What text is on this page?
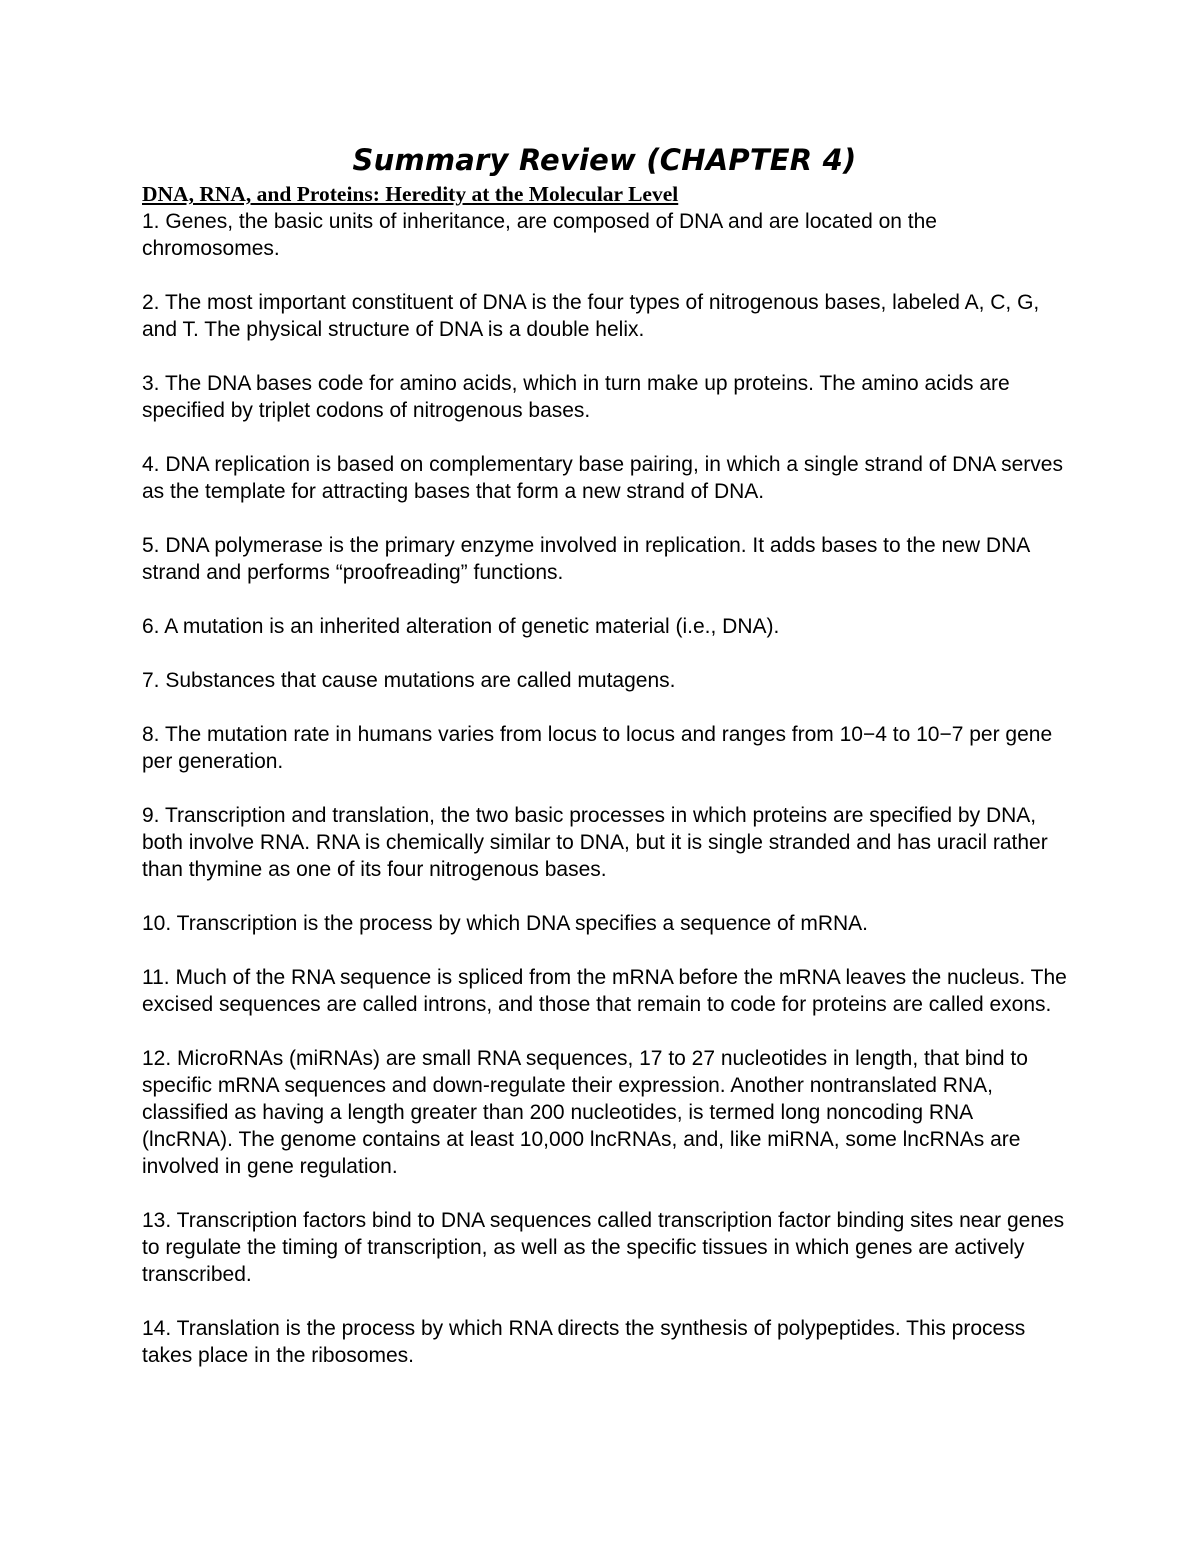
Summary Review (CHAPTER 4)
DNA, RNA, and Proteins: Heredity at the Molecular Level
1. Genes, the basic units of inheritance, are composed of DNA and are located on the chromosomes.
2. The most important constituent of DNA is the four types of nitrogenous bases, labeled A, C, G, and T. The physical structure of DNA is a double helix.
3. The DNA bases code for amino acids, which in turn make up proteins. The amino acids are specified by triplet codons of nitrogenous bases.
4. DNA replication is based on complementary base pairing, in which a single strand of DNA serves as the template for attracting bases that form a new strand of DNA.
5. DNA polymerase is the primary enzyme involved in replication. It adds bases to the new DNA strand and performs “proofreading” functions.
6. A mutation is an inherited alteration of genetic material (i.e., DNA).
7. Substances that cause mutations are called mutagens.
8. The mutation rate in humans varies from locus to locus and ranges from 10−4 to 10−7 per gene per generation.
9. Transcription and translation, the two basic processes in which proteins are specified by DNA, both involve RNA. RNA is chemically similar to DNA, but it is single stranded and has uracil rather than thymine as one of its four nitrogenous bases.
10. Transcription is the process by which DNA specifies a sequence of mRNA.
11. Much of the RNA sequence is spliced from the mRNA before the mRNA leaves the nucleus. The excised sequences are called introns, and those that remain to code for proteins are called exons.
12. MicroRNAs (miRNAs) are small RNA sequences, 17 to 27 nucleotides in length, that bind to specific mRNA sequences and down-regulate their expression. Another nontranslated RNA, classified as having a length greater than 200 nucleotides, is termed long noncoding RNA (lncRNA). The genome contains at least 10,000 lncRNAs, and, like miRNA, some lncRNAs are involved in gene regulation.
13. Transcription factors bind to DNA sequences called transcription factor binding sites near genes to regulate the timing of transcription, as well as the specific tissues in which genes are actively transcribed.
14. Translation is the process by which RNA directs the synthesis of polypeptides. This process takes place in the ribosomes.
